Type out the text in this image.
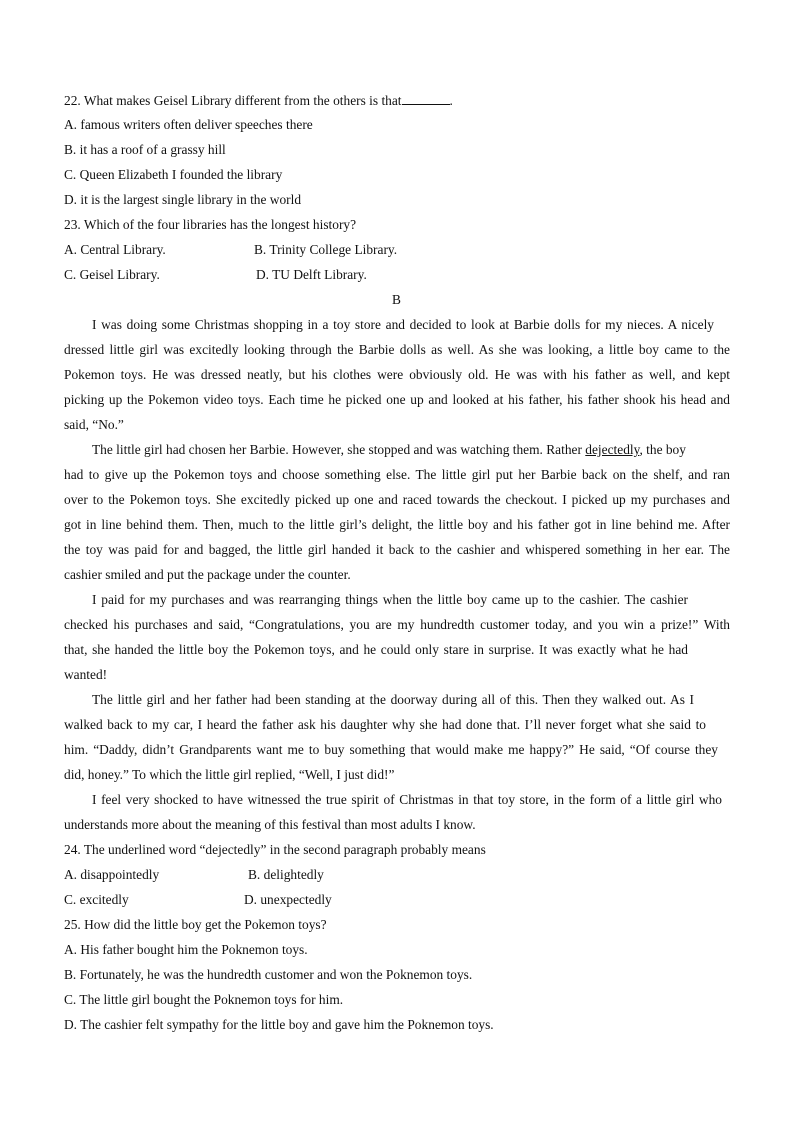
22. What makes Geisel Library different from the others is that	.
A. famous writers often deliver speeches there
B. it has a roof of a grassy hill
C. Queen Elizabeth I founded the library
D. it is the largest single library in the world
23. Which of the four libraries has the longest history?
A. Central Library.	B. Trinity College Library.
C. Geisel Library.	D. TU Delft Library.
B
I was doing some Christmas shopping in a toy store and decided to look at Barbie dolls for my nieces. A nicely
dressed little girl was excitedly looking through the Barbie dolls as well. As she was looking, a little boy came to the
Pokemon toys. He was dressed neatly, but his clothes were obviously old. He was with his father as well, and kept
picking up the Pokemon video toys. Each time he picked one up and looked at his father, his father shook his head and
said, “No.”
The little girl had chosen her Barbie. However, she stopped and was watching them. Rather dejectedly, the boy
had to give up the Pokemon toys and choose something else. The little girl put her Barbie back on the shelf, and ran
over to the Pokemon toys. She excitedly picked up one and raced towards the checkout. I picked up my purchases and
got in line behind them. Then, much to the little girl’s delight, the little boy and his father got in line behind me. After
the toy was paid for and bagged, the little girl handed it back to the cashier and whispered something in her ear. The
cashier smiled and put the package under the counter.
I paid for my purchases and was rearranging things when the little boy came up to the cashier. The cashier
checked his purchases and said, “Congratulations, you are my hundredth customer today, and you win a prize!” With
that, she handed the little boy the Pokemon toys, and he could only stare in surprise. It was exactly what he had
wanted!
The little girl and her father had been standing at the doorway during all of this. Then they walked out. As I
walked back to my car, I heard the father ask his daughter why she had done that. I’ll never forget what she said to
him. “Daddy, didn’t Grandparents want me to buy something that would make me happy?” He said, “Of course they
did, honey.” To which the little girl replied, “Well, I just did!”
I feel very shocked to have witnessed the true spirit of Christmas in that toy store, in the form of a little girl who
understands more about the meaning of this festival than most adults I know.
24. The underlined word “dejectedly” in the second paragraph probably means
A. disappointedly	B. delightedly
C. excitedly	D. unexpectedly
25. How did the little boy get the Pokemon toys?
A. His father bought him the Poknemon toys.
B. Fortunately, he was the hundredth customer and won the Poknemon toys.
C. The little girl bought the Poknemon toys for him.
D. The cashier felt sympathy for the little boy and gave him the Poknemon toys.
